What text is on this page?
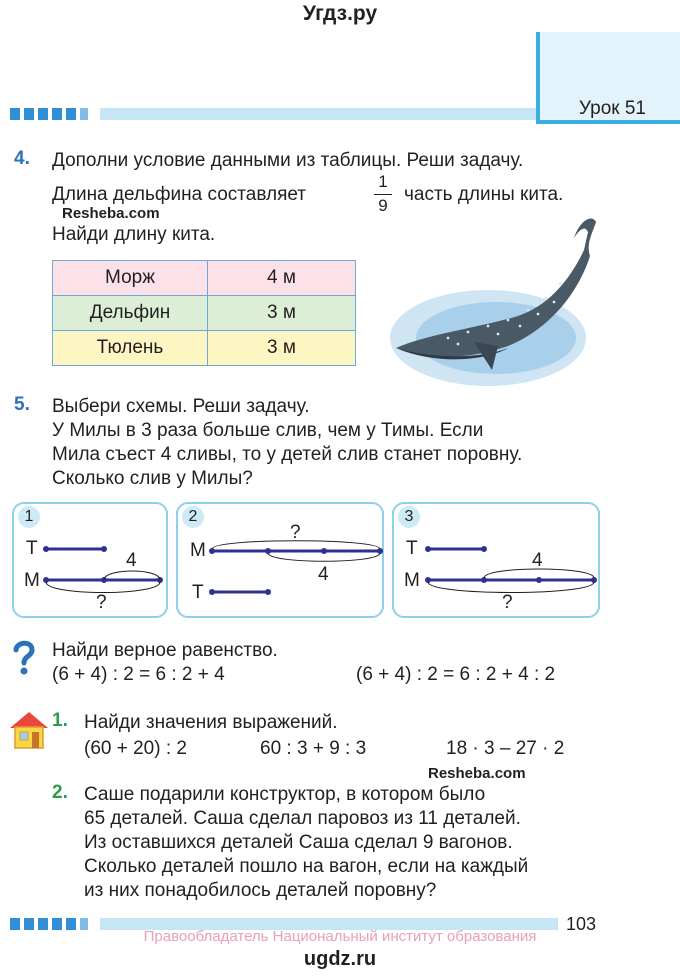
Угдз.ру
Урок 51
4. Дополни условие данными из таблицы. Реши задачу.
Длина дельфина составляет
1
9
часть длины кита.
Resheba.com
Найди длину кита.
Морж	4 м
Дельфин	3 м
Тюлень	3 м
5. Выбери схемы. Реши задачу.
У Милы в 3 раза больше слив, чем у Тимы. Если
Мила съест 4 сливы, то у детей слив станет поровну.
Сколько слив у Милы?
1
Т
М
4
?
2
М
Т
?
4
3
Т
М
4
?
Найди верное равенство.
(6 + 4) : 2 = 6 : 2 + 4	(6 + 4) : 2 = 6 : 2 + 4 : 2
1. Найди значения выражений.
(60 + 20) : 2	60 : 3 + 9 : 3	18 · 3 – 27 · 2
Resheba.com
2. Саше подарили конструктор, в котором было
65 деталей. Саша сделал паровоз из 11 деталей.
Из оставшихся деталей Саша сделал 9 вагонов.
Сколько деталей пошло на вагон, если на каждый
из них понадобилось деталей поровну?
103
Правообладатель Национальный институт образования
ugdz.ru
